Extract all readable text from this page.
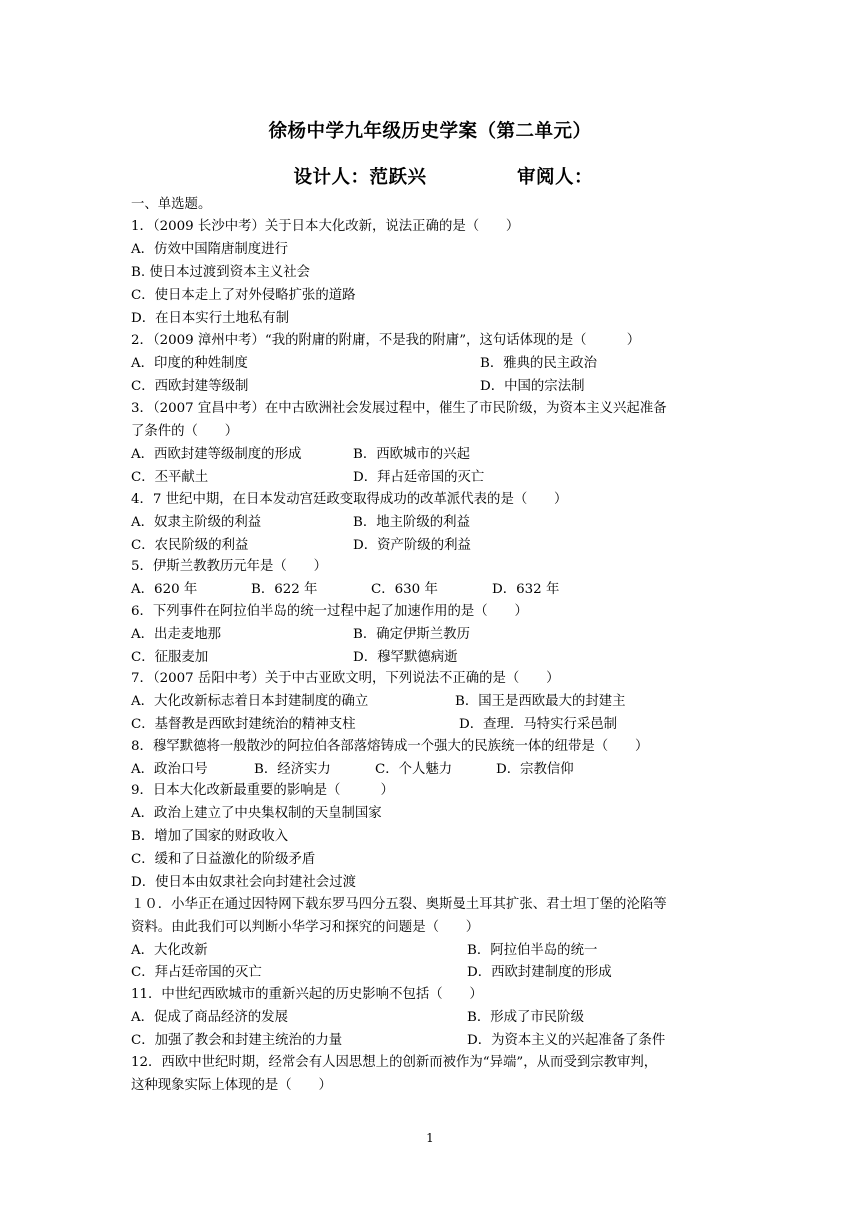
徐杨中学九年级历史学案（第二单元）
设计人：范跃兴	审阅人：
一、单选题。
1．（2009 长沙中考）关于日本大化改新，说法正确的是（　　）
A．仿效中国隋唐制度进行
B. 使日本过渡到资本主义社会
C．使日本走上了对外侵略扩张的道路
D．在日本实行土地私有制
2．（2009 漳州中考）“我的附庸的附庸，不是我的附庸”，这句话体现的是（　　　）
A．印度的种姓制度	B．雅典的民主政治
C．西欧封建等级制	D．中国的宗法制
3．（2007 宜昌中考）在中古欧洲社会发展过程中，催生了市民阶级，为资本主义兴起准备
了条件的（　　）
A．西欧封建等级制度的形成	B．西欧城市的兴起
C．丕平献土	D．拜占廷帝国的灭亡
4．7 世纪中期，在日本发动宫廷政变取得成功的改革派代表的是（　　）
A．奴隶主阶级的利益	B．地主阶级的利益
C．农民阶级的利益	D．资产阶级的利益
5．伊斯兰教教历元年是（　　）
A．620 年	B．622 年	C．630 年	D．632 年
6．下列事件在阿拉伯半岛的统一过程中起了加速作用的是（　　）
A．出走麦地那	B．确定伊斯兰教历
C．征服麦加	D．穆罕默德病逝
7．（2007 岳阳中考）关于中古亚欧文明，下列说法不正确的是（　　）
A．大化改新标志着日本封建制度的确立	B．国王是西欧最大的封建主
C．基督教是西欧封建统治的精神支柱	D．查理．马特实行采邑制
8．穆罕默德将一般散沙的阿拉伯各部落熔铸成一个强大的民族统一体的纽带是（　　）
A．政治口号	B．经济实力	C．个人魅力	D．宗教信仰
9．日本大化改新最重要的影响是（　　　）
A．政治上建立了中央集权制的天皇制国家
B．增加了国家的财政收入
C．缓和了日益激化的阶级矛盾
D．使日本由奴隶社会向封建社会过渡
１０．小华正在通过因特网下载东罗马四分五裂、奥斯曼土耳其扩张、君士坦丁堡的沦陷等
资料。由此我们可以判断小华学习和探究的问题是（　　）
A．大化改新	B．阿拉伯半岛的统一
C．拜占廷帝国的灭亡	D．西欧封建制度的形成
11．中世纪西欧城市的重新兴起的历史影响不包括（　　）
A．促成了商品经济的发展	B．形成了市民阶级
C．加强了教会和封建主统治的力量	D．为资本主义的兴起准备了条件
12．西欧中世纪时期，经常会有人因思想上的创新而被作为“异端”，从而受到宗教审判，
这种现象实际上体现的是（　　）
1
